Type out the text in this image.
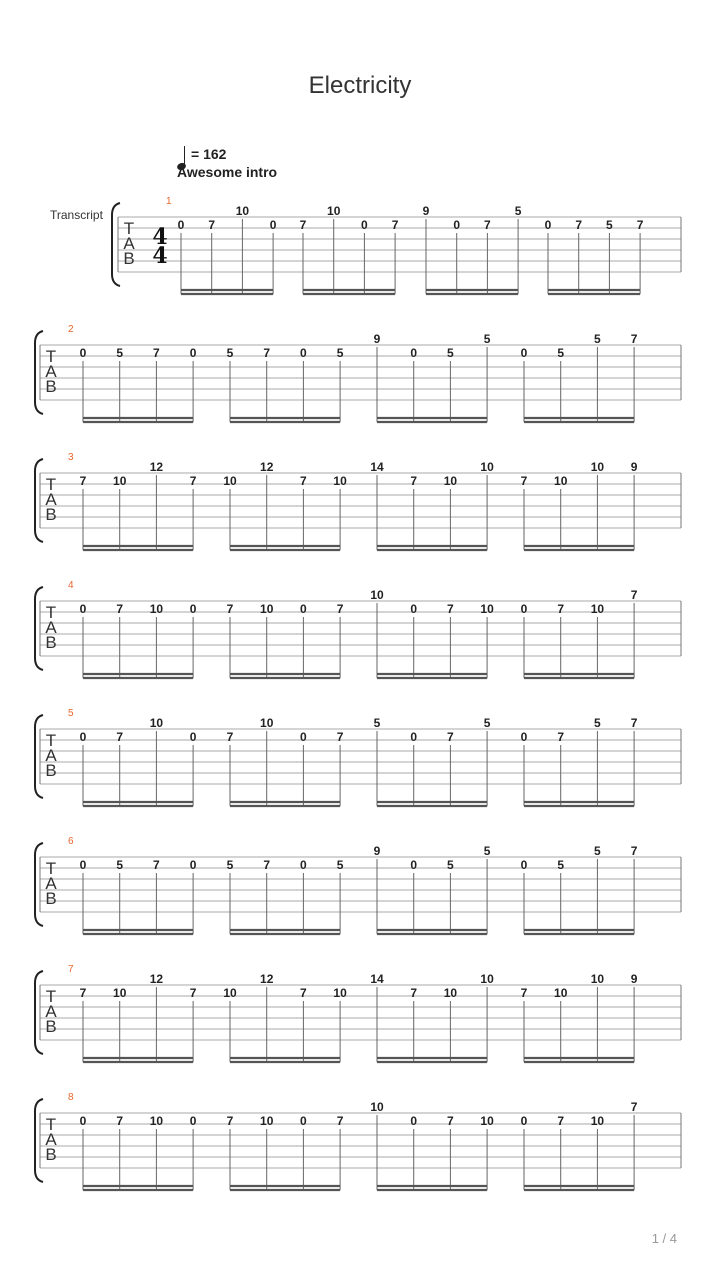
Electricity
= 162
Awesome intro
Transcript
1 / 4
T
A
B
4
4
1
0 7
10
0 7
10
0 7
9
0 7
5
0 7 5 7
T
A
B
2
0	5	7	0	5	7	0	5
9
0	5
5
0	5
5	7
T
A
B
3
7 10
12
7 10
12
7 10
14
7 10
10
7 10
10 9
T
A
B
4
0	7 10 0	7 10 0	7
10
0	7 10 0	7 10
7
T
A
B
5
0	7
10
0	7
10
0	7
5
0	7
5
0	7
5	7
T
A
B
6
0	5	7	0	5	7	0	5
9
0	5
5
0	5
5	7
T
A
B
7
7 10
12
7 10
12
7 10
14
7 10
10
7 10
10 9
T
A
B
8
0	7 10 0	7 10 0	7
10
0	7 10 0	7 10
7
